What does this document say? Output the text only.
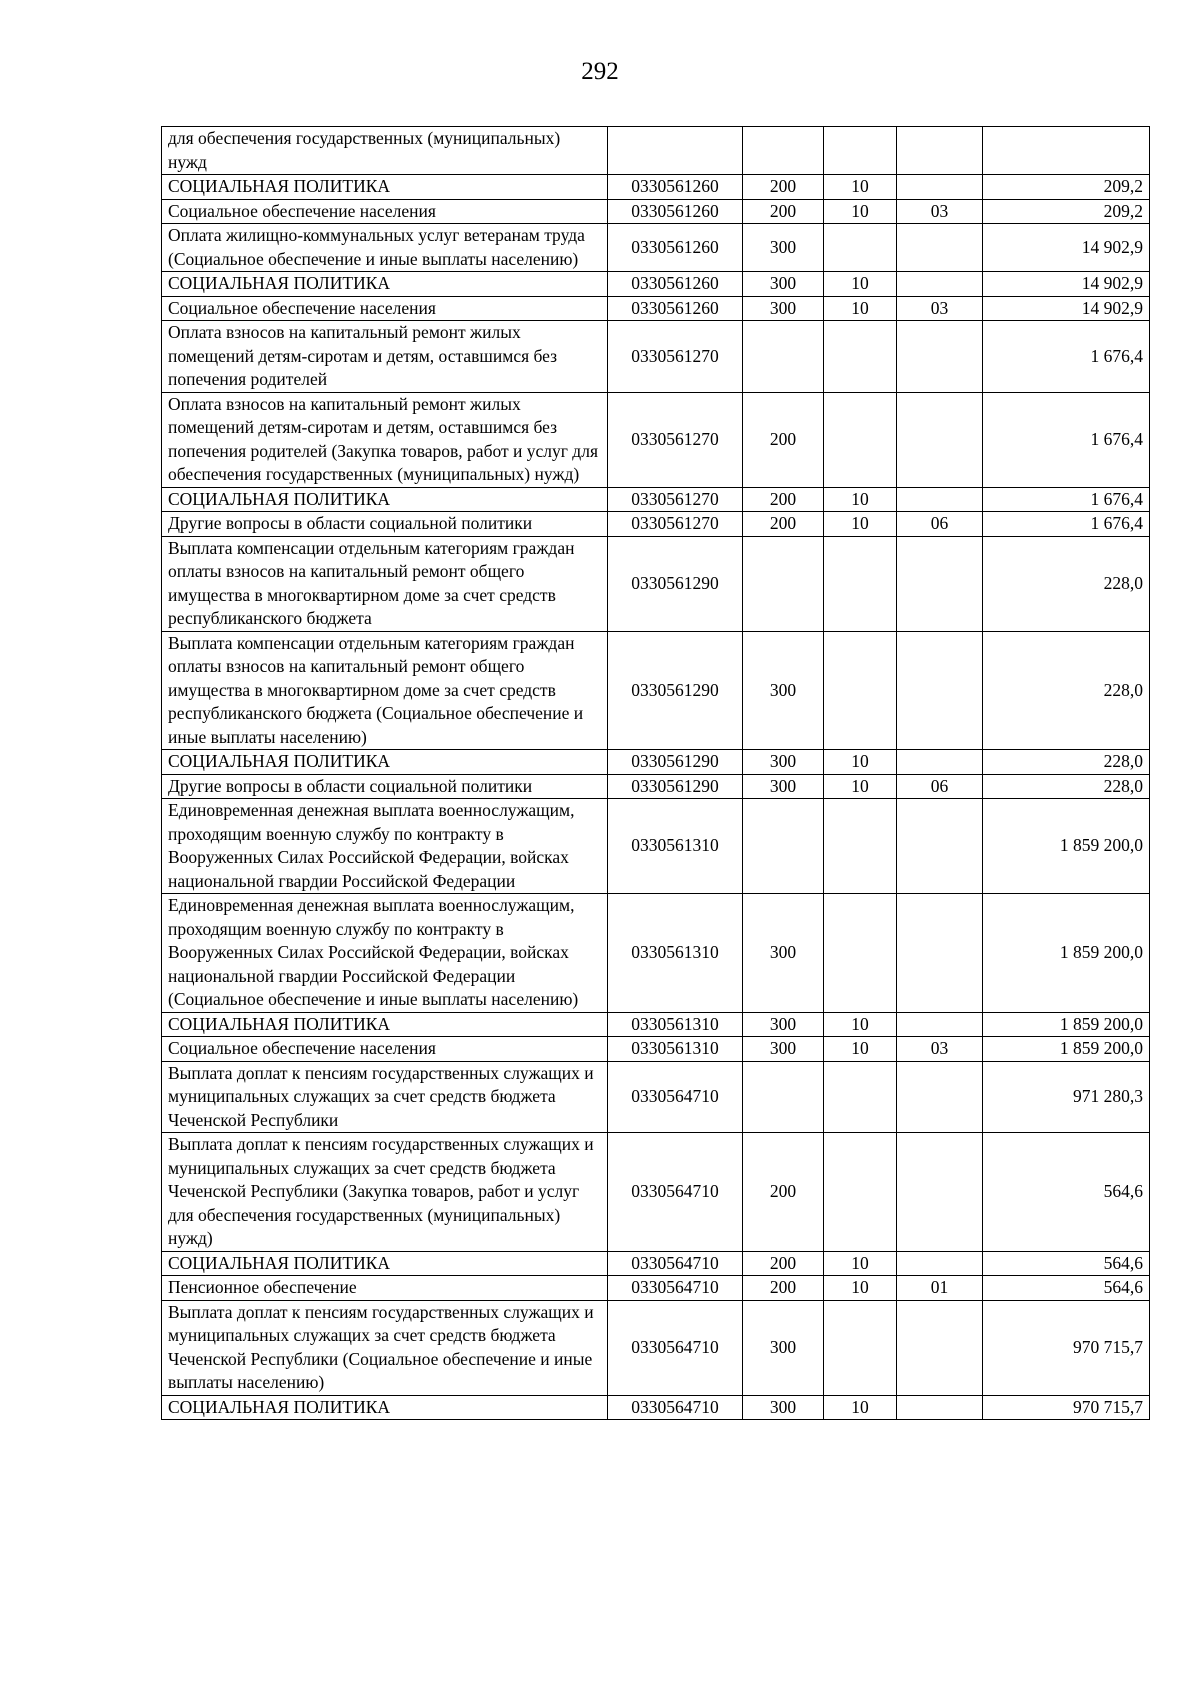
292
для обеспечения государственных (муниципальных) нужд					
СОЦИАЛЬНАЯ ПОЛИТИКА	0330561260	200	10		209,2
Социальное обеспечение населения	0330561260	200	10	03	209,2
Оплата жилищно-коммунальных услуг ветеранам труда (Социальное обеспечение и иные выплаты населению)	0330561260	300			14 902,9
СОЦИАЛЬНАЯ ПОЛИТИКА	0330561260	300	10		14 902,9
Социальное обеспечение населения	0330561260	300	10	03	14 902,9
Оплата взносов на капитальный ремонт жилых помещений детям-сиротам и детям, оставшимся без попечения родителей	0330561270				1 676,4
Оплата взносов на капитальный ремонт жилых помещений детям-сиротам и детям, оставшимся без попечения родителей (Закупка товаров, работ и услуг для обеспечения государственных (муниципальных) нужд)	0330561270	200			1 676,4
СОЦИАЛЬНАЯ ПОЛИТИКА	0330561270	200	10		1 676,4
Другие вопросы в области социальной политики	0330561270	200	10	06	1 676,4
Выплата компенсации отдельным категориям граждан оплаты взносов на капитальный ремонт общего имущества в многоквартирном доме за счет средств республиканского бюджета	0330561290				228,0
Выплата компенсации отдельным категориям граждан оплаты взносов на капитальный ремонт общего имущества в многоквартирном доме за счет средств республиканского бюджета (Социальное обеспечение и иные выплаты населению)	0330561290	300			228,0
СОЦИАЛЬНАЯ ПОЛИТИКА	0330561290	300	10		228,0
Другие вопросы в области социальной политики	0330561290	300	10	06	228,0
Единовременная денежная выплата военнослужащим, проходящим военную службу по контракту в Вооруженных Силах Российской Федерации, войсках национальной гвардии Российской Федерации	0330561310				1 859 200,0
Единовременная денежная выплата военнослужащим, проходящим военную службу по контракту в Вооруженных Силах Российской Федерации, войсках национальной гвардии Российской Федерации (Социальное обеспечение и иные выплаты населению)	0330561310	300			1 859 200,0
СОЦИАЛЬНАЯ ПОЛИТИКА	0330561310	300	10		1 859 200,0
Социальное обеспечение населения	0330561310	300	10	03	1 859 200,0
Выплата доплат к пенсиям государственных служащих и муниципальных служащих за счет средств бюджета Чеченской Республики	0330564710				971 280,3
Выплата доплат к пенсиям государственных служащих и муниципальных служащих за счет средств бюджета Чеченской Республики (Закупка товаров, работ и услуг для обеспечения государственных (муниципальных) нужд)	0330564710	200			564,6
СОЦИАЛЬНАЯ ПОЛИТИКА	0330564710	200	10		564,6
Пенсионное обеспечение	0330564710	200	10	01	564,6
Выплата доплат к пенсиям государственных служащих и муниципальных служащих за счет средств бюджета Чеченской Республики (Социальное обеспечение и иные выплаты населению)	0330564710	300			970 715,7
СОЦИАЛЬНАЯ ПОЛИТИКА	0330564710	300	10		970 715,7
